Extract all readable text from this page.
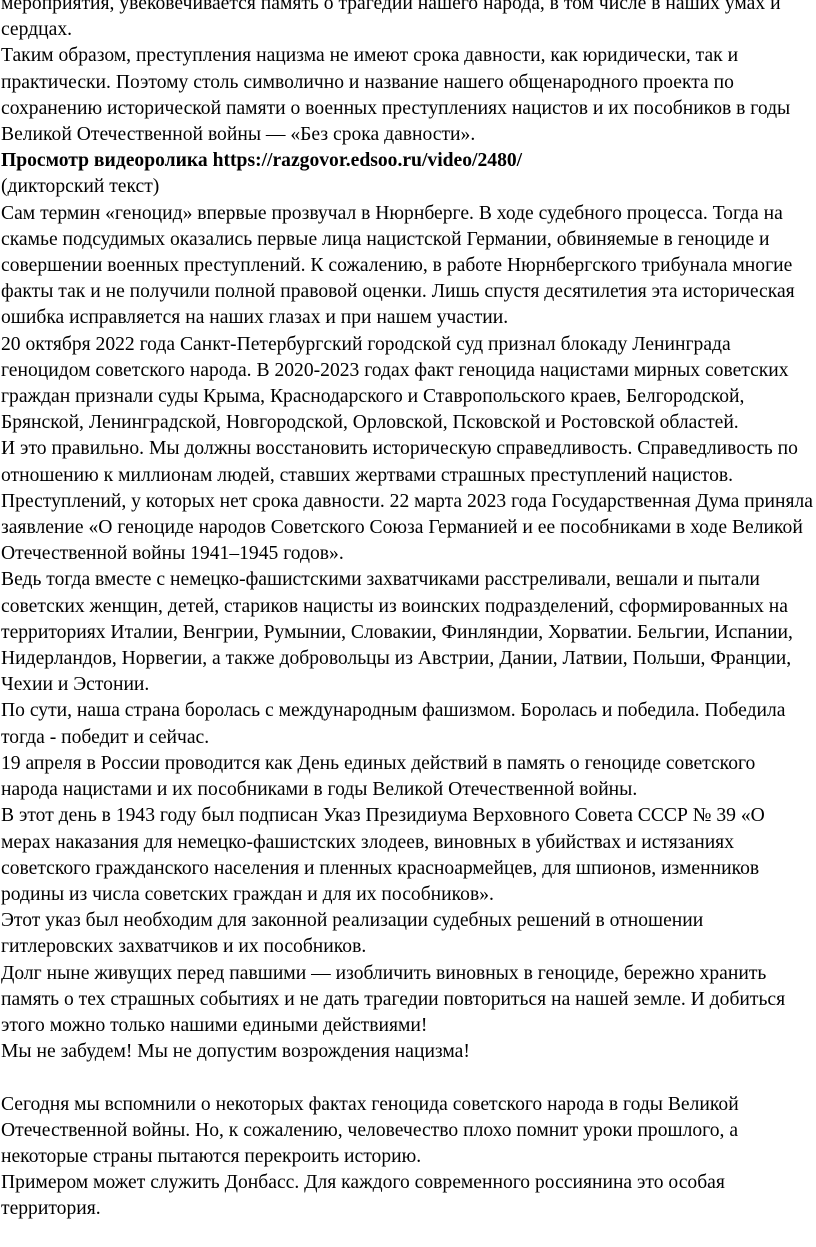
мероприятия, увековечивается память о трагедии нашего народа, в том числе в наших умах и сердцах.

Таким образом, преступления нацизма не имеют срока давности, как юридически, так и практически. Поэтому столь символично и название нашего общенародного проекта по сохранению исторической памяти о военных преступлениях нацистов и их пособников в годы Великой Отечественной войны — «Без срока давности».

Просмотр видеоролика https://razgovor.edsoo.ru/video/2480/

(дикторский текст)

Сам термин «геноцид» впервые прозвучал в Нюрнберге. В ходе судебного процесса. Тогда на скамье подсудимых оказались первые лица нацистской Германии, обвиняемые в геноциде и совершении военных преступлений. К сожалению, в работе Нюрнбергского трибунала многие факты так и не получили полной правовой оценки. Лишь спустя десятилетия эта историческая ошибка исправляется на наших глазах и при нашем участии.

20 октября 2022 года Санкт-Петербургский городской суд признал блокаду Ленинграда геноцидом советского народа. В 2020-2023 годах факт геноцида нацистами мирных советских граждан признали суды Крыма, Краснодарского и Ставропольского краев, Белгородской, Брянской, Ленинградской, Новгородской, Орловской, Псковской и Ростовской областей.

И это правильно. Мы должны восстановить историческую справедливость. Справедливость по отношению к миллионам людей, ставших жертвами страшных преступлений нацистов. Преступлений, у которых нет срока давности. 22 марта 2023 года Государственная Дума приняла заявление «О геноциде народов Советского Союза Германией и ее пособниками в ходе Великой Отечественной войны 1941–1945 годов».

Ведь тогда вместе с немецко-фашистскими захватчиками расстреливали, вешали и пытали советских женщин, детей, стариков нацисты из воинских подразделений, сформированных на территориях Италии, Венгрии, Румынии, Словакии, Финляндии, Хорватии. Бельгии, Испании, Нидерландов, Норвегии, а также добровольцы из Австрии, Дании, Латвии, Польши, Франции, Чехии и Эстонии.

По сути, наша страна боролась с международным фашизмом. Боролась и победила. Победила тогда - победит и сейчас.

19 апреля в России проводится как День единых действий в память о геноциде советского народа нацистами и их пособниками в годы Великой Отечественной войны.

В этот день в 1943 году был подписан Указ Президиума Верховного Совета СССР № 39 «О мерах наказания для немецко-фашистских злодеев, виновных в убийствах и истязаниях советского гражданского населения и пленных красноармейцев, для шпионов, изменников родины из числа советских граждан и для их пособников».

Этот указ был необходим для законной реализации судебных решений в отношении гитлеровских захватчиков и их пособников.

Долг ныне живущих перед павшими — изобличить виновных в геноциде, бережно хранить память о тех страшных событиях и не дать трагедии повториться на нашей земле. И добиться этого можно только нашими едиными действиями!

Мы не забудем! Мы не допустим возрождения нацизма!

Сегодня мы вспомнили о некоторых фактах геноцида советского народа в годы Великой Отечественной войны. Но, к сожалению, человечество плохо помнит уроки прошлого, а некоторые страны пытаются перекроить историю.

Примером может служить Донбасс. Для каждого современного россиянина это особая территория.
